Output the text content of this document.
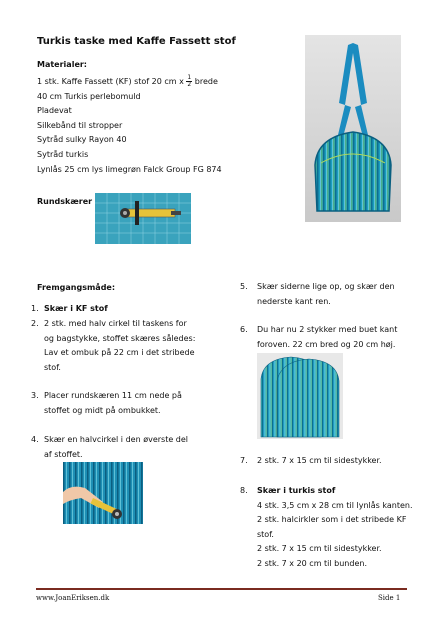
Turkis taske med Kaffe Fassett stof
Materialer:
1 stk. Kaffe Fassett (KF) stof 20 cm x $\frac{1}{2}$ brede
40 cm Turkis perlebomuld
Pladevat
Silkebånd til stropper
Sytråd sulky Rayon 40
Sytråd turkis
Lynlås 25 cm lys limegrøn Falck Group FG 874
Rundskærer
Fremgangsmåde:
1. Skær i KF stof
2. 2 stk. med halv cirkel til taskens for
og bagstykke, stoffet skæres således:
Lav et ombuk på 22 cm i det stribede
stof.
3. Placer rundskæren 11 cm nede på
stoffet og midt på ombukket.
4. Skær en halvcirkel i den øverste del
af stoffet.
5. Skær siderne lige op, og skær den
nederste kant ren.
6. Du har nu 2 stykker med buet kant
foroven. 22 cm bred og 20 cm høj.
7. 2 stk. 7 x 15 cm til sidestykker.
8. Skær i turkis stof
4 stk. 3,5 cm x 28 cm til lynlås kanten.
2 stk. halcirkler som i det stribede KF
stof.
2 stk. 7 x 15 cm til sidestykker.
2 stk. 7 x 20 cm til bunden.
www.JoanEriksen.dk	Side 1
